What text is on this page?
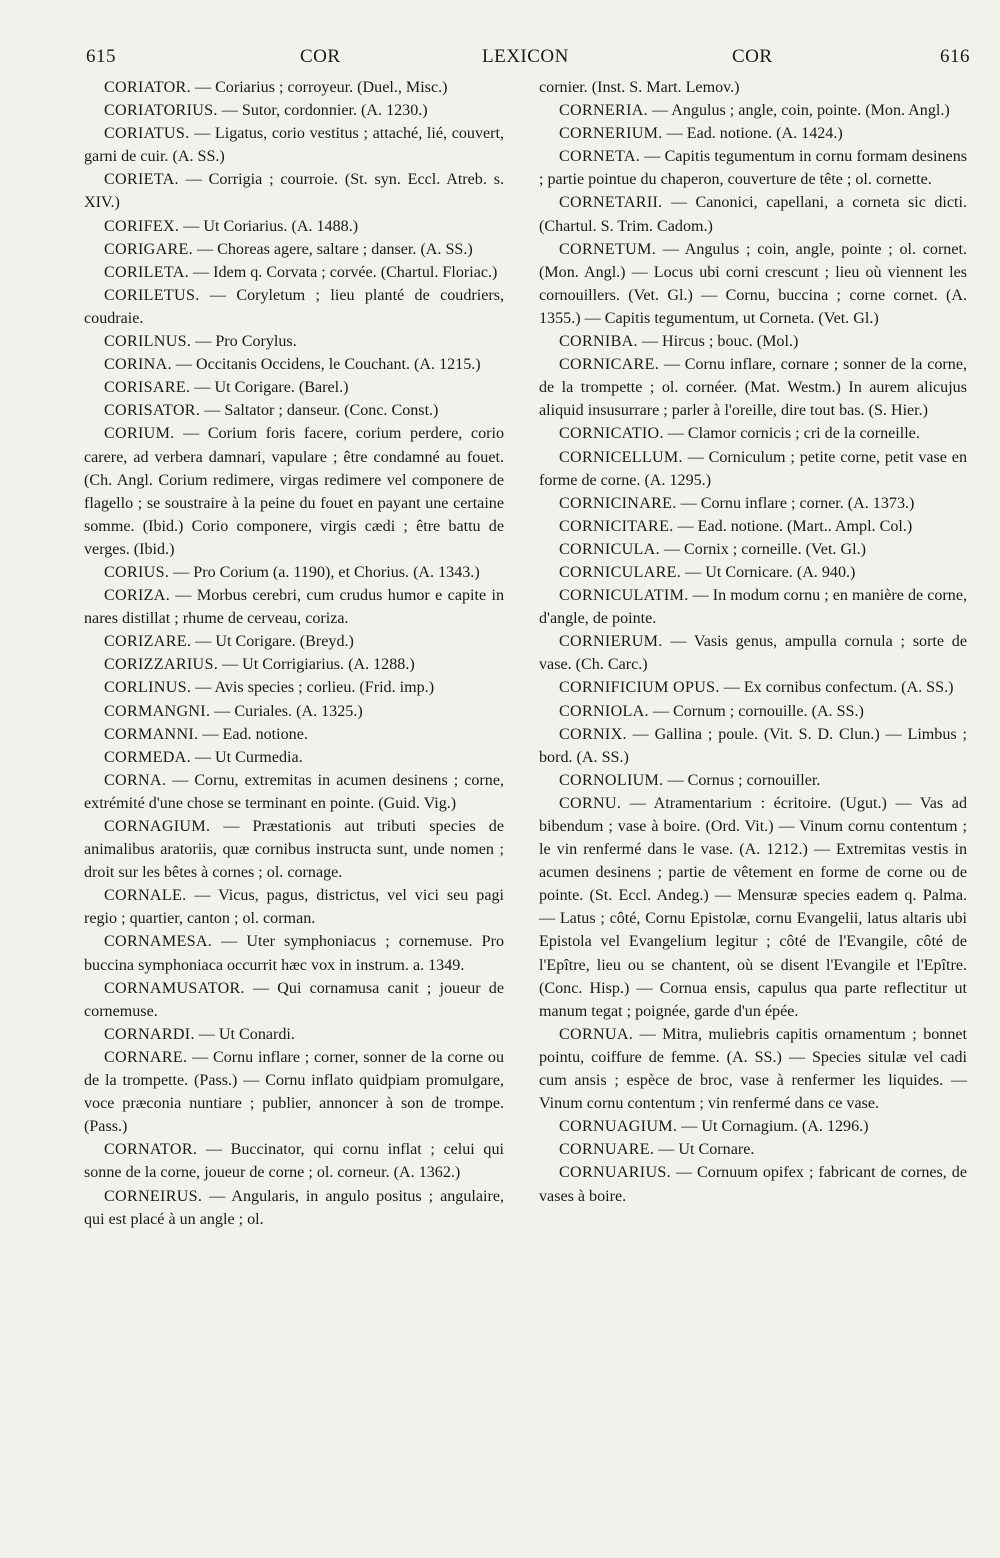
615	COR	LEXICON	COR	616

CORIATOR. — Coriarius ; corroyeur. (Duel., Misc.)

CORIATORIUS. — Sutor, cordonnier. (A. 1230.)

CORIATUS. — Ligatus, corio vestitus ; attaché, lié, couvert, garni de cuir. (A. SS.)

CORIETA. — Corrigia ; courroie. (St. syn. Eccl. Atreb. s. XIV.)

CORIFEX. — Ut Coriarius. (A. 1488.)

CORIGARE. — Choreas agere, saltare ; danser. (A. SS.)

CORILETA. — Idem q. Corvata ; corvée. (Chartul. Floriac.)

CORILETUS. — Coryletum ; lieu planté de coudriers, coudraie.

CORILNUS. — Pro Corylus.

CORINA. — Occitanis Occidens, le Couchant. (A. 1215.)

CORISARE. — Ut Corigare. (Barel.)

CORISATOR. — Saltator ; danseur. (Conc. Const.)

CORIUM. — Corium foris facere, corium perdere, corio carere, ad verbera damnari, vapulare ; être condamné au fouet. (Ch. Angl. Corium redimere, virgas redimere vel componere de flagello ; se soustraire à la peine du fouet en payant une certaine somme. (Ibid.) Corio componere, virgis cædi ; être battu de verges. (Ibid.)

CORIUS. — Pro Corium (a. 1190), et Chorius. (A. 1343.)

CORIZA. — Morbus cerebri, cum crudus humor e capite in nares distillat ; rhume de cerveau, coriza.

CORIZARE. — Ut Corigare. (Breyd.)

CORIZZARIUS. — Ut Corrigiarius. (A. 1288.)

CORLINUS. — Avis species ; corlieu. (Frid. imp.)

CORMANGNI. — Curiales. (A. 1325.)

CORMANNI. — Ead. notione.

CORMEDA. — Ut Curmedia.

CORNA. — Cornu, extremitas in acumen desinens ; corne, extrémité d'une chose se terminant en pointe. (Guid. Vig.)

CORNAGIUM. — Præstationis aut tributi species de animalibus aratoriis, quæ cornibus instructa sunt, unde nomen ; droit sur les bêtes à cornes ; ol. cornage.

CORNALE. — Vicus, pagus, districtus, vel vici seu pagi regio ; quartier, canton ; ol. corman.

CORNAMESA. — Uter symphoniacus ; cornemuse. Pro buccina symphoniaca occurrit hæc vox in instrum. a. 1349.

CORNAMUSATOR. — Qui cornamusa canit ; joueur de cornemuse.

CORNARDI. — Ut Conardi.

CORNARE. — Cornu inflare ; corner, sonner de la corne ou de la trompette. (Pass.) — Cornu inflato quidpiam promulgare, voce præconia nuntiare ; publier, annoncer à son de trompe. (Pass.)

CORNATOR. — Buccinator, qui cornu inflat ; celui qui sonne de la corne, joueur de corne ; ol. corneur. (A. 1362.)

CORNEIRUS. — Angularis, in angulo positus ; angulaire, qui est placé à un angle ; ol.

cornier. (Inst. S. Mart. Lemov.)

CORNERIA. — Angulus ; angle, coin, pointe. (Mon. Angl.)

CORNERIUM. — Ead. notione. (A. 1424.)

CORNETA. — Capitis tegumentum in cornu formam desinens ; partie pointue du chaperon, couverture de tête ; ol. cornette.

CORNETARII. — Canonici, capellani, a corneta sic dicti. (Chartul. S. Trim. Cadom.)

CORNETUM. — Angulus ; coin, angle, pointe ; ol. cornet. (Mon. Angl.) — Locus ubi corni crescunt ; lieu où viennent les cornouillers. (Vet. Gl.) — Cornu, buccina ; corne cornet. (A. 1355.) — Capitis tegumentum, ut Corneta. (Vet. Gl.)

CORNIBA. — Hircus ; bouc. (Mol.)

CORNICARE. — Cornu inflare, cornare ; sonner de la corne, de la trompette ; ol. cornéer. (Mat. Westm.) In aurem alicujus aliquid insusurrare ; parler à l'oreille, dire tout bas. (S. Hier.)

CORNICATIO. — Clamor cornicis ; cri de la corneille.

CORNICELLUM. — Corniculum ; petite corne, petit vase en forme de corne. (A. 1295.)

CORNICINARE. — Cornu inflare ; corner. (A. 1373.)

CORNICITARE. — Ead. notione. (Mart.. Ampl. Col.)

CORNICULA. — Cornix ; corneille. (Vet. Gl.)

CORNICULARE. — Ut Cornicare. (A. 940.)

CORNICULATIM. — In modum cornu ; en manière de corne, d'angle, de pointe.

CORNIERUM. — Vasis genus, ampulla cornula ; sorte de vase. (Ch. Carc.)

CORNIFICIUM OPUS. — Ex cornibus confectum. (A. SS.)

CORNIOLA. — Cornum ; cornouille. (A. SS.)

CORNIX. — Gallina ; poule. (Vit. S. D. Clun.) — Limbus ; bord. (A. SS.)

CORNOLIUM. — Cornus ; cornouiller.

CORNU. — Atramentarium : écritoire. (Ugut.) — Vas ad bibendum ; vase à boire. (Ord. Vit.) — Vinum cornu contentum ; le vin renfermé dans le vase. (A. 1212.) — Extremitas vestis in acumen desinens ; partie de vêtement en forme de corne ou de pointe. (St. Eccl. Andeg.) — Mensuræ species eadem q. Palma. — Latus ; côté, Cornu Epistolæ, cornu Evangelii, latus altaris ubi Epistola vel Evangelium legitur ; côté de l'Evangile, côté de l'Epître, lieu ou se chantent, où se disent l'Evangile et l'Epître. (Conc. Hisp.) — Cornua ensis, capulus qua parte reflectitur ut manum tegat ; poignée, garde d'un épée.

CORNUA. — Mitra, muliebris capitis ornamentum ; bonnet pointu, coiffure de femme. (A. SS.) — Species situlæ vel cadi cum ansis ; espèce de broc, vase à renfermer les liquides. — Vinum cornu contentum ; vin renfermé dans ce vase.

CORNUAGIUM. — Ut Cornagium. (A. 1296.)

CORNUARE. — Ut Cornare.

CORNUARIUS. — Cornuum opifex ; fabricant de cornes, de vases à boire.
